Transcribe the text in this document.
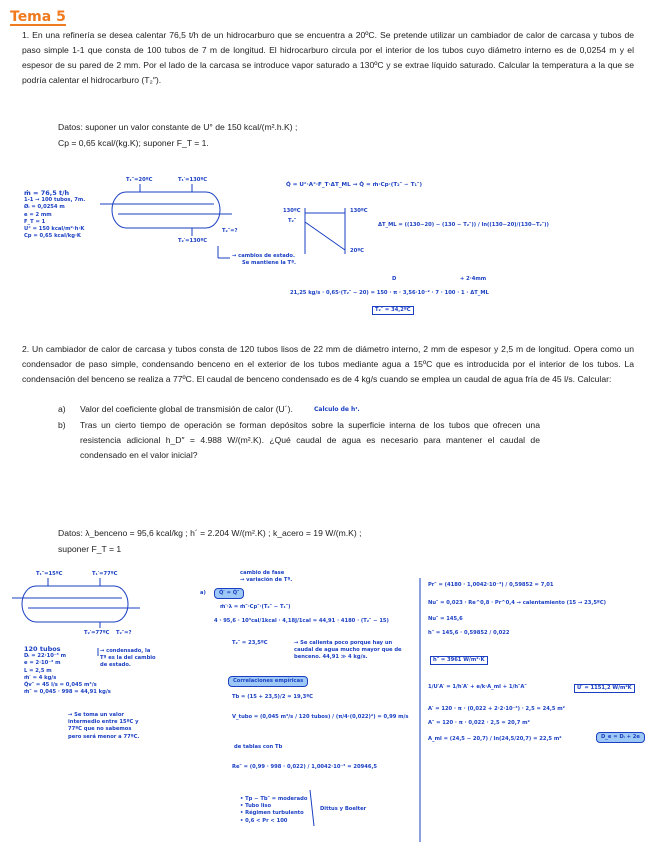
Tema 5
1. En una refinería se desea calentar 76,5 t/h de un hidrocarburo que se encuentra a 20ºC. Se pretende utilizar un cambiador de calor de carcasa y tubos de paso simple 1-1 que consta de 100 tubos de 7 m de longitud. El hidrocarburo circula por el interior de los tubos cuyo diámetro interno es de 0,0254 m y el espesor de su pared de 2 mm. Por el lado de la carcasa se introduce vapor saturado a 130ºC y se extrae líquido saturado. Calcular la temperatura a la que se podría calentar el hidrocarburo (T₂″).
Datos: suponer un valor constante de U° de 150 kcal/(m².h.K) ;
Cp = 0,65 kcal/(kg.K); suponer F_T = 1.
ṁ = 76,5 t/h
1-1 → 100 tubos, 7m.
Øᵢ = 0,0254 m
e = 2 mm
F_T = 1
U° = 150 kcal/m²·h·K
Cp = 0,65 kcal/kg·K
T₁″=20ºC	T₁′=130ºC
T₂″=?
T₂′=130ºC
→ cambios de estado.
Se mantiene la Tª.
Q̇ = U°·A°·F_T·ΔT_ML → Q̇ = ṁ·Cp·(T₂″ − T₁″)
130ºC
T₂″
130ºC
20ºC
ΔT_ML = ((130−20) − (130 − T₂″)) / ln((130−20)/(130−T₂″))
D	+ 2·4mm
21,25 kg/s · 0,65·(T₂″ − 20) = 150 · π · 3,56·10⁻² · 7 · 100 · 1 · ΔT_ML
T₂″ = 34,2ºC
2. Un cambiador de calor de carcasa y tubos consta de 120 tubos lisos de 22 mm de diámetro interno, 2 mm de espesor y 2,5 m de longitud. Opera como un condensador de paso simple, condensando benceno en el exterior de los tubos mediante agua a 15ºC que es introducida por el interior de los tubos. La condensación del benceno se realiza a 77ºC. El caudal de benceno condensado es de 4 kg/s cuando se emplea un caudal de agua fría de 45 l/s. Calcular:
a) Valor del coeficiente global de transmisión de calor (U´).	Calculo de hᶦ.
b) Tras un cierto tiempo de operación se forman depósitos sobre la superficie interna de los tubos que ofrecen una resistencia adicional h_D″ = 4.988 W/(m².K). ¿Qué caudal de agua es necesario para mantener el caudal de condensado en el valor inicial?
Datos: λ_benceno = 95,6 kcal/kg ; h´ = 2.204 W/(m².K) ; k_acero = 19 W/(m.K) ;
suponer F_T = 1
T₁″=15ºC	T₁′=77ºC
T₂′=77ºC T₂″=?
→ condensado, la
Tª es la del cambio
de estado.
120 tubos
Dᵢ = 22·10⁻³ m
e = 2·10⁻³ m
L = 2,5 m
ṁ′ = 4 kg/s
Q̇v″ = 45 l/s = 0,045 m³/s
ṁ″ = 0,045 · 998 = 44,91 kg/s
→ Se toma un valor intermedio entre 15ºC y 77ºC que no sabemos pero será menor a 77ºC.
cambio de fase
→ variación de Tª.
a)	Q̇′ = Q̇″
ṁ′·λ = ṁ″·Cp″·(T₂″ − T₁″)
4 · 95,6 · 10³cal/1kcal · 4,18J/1cal = 44,91 · 4180 · (T₂″ − 15)
T₂″ = 23,5ºC	→ Se calienta poco porque hay un caudal de agua mucho mayor que de benceno. 44,91 ≫ 4 kg/s.
Correlaciones empíricas
Tb = (15 + 23,5)/2 = 19,3ºC
V_tubo = (0,045 m³/s / 120 tubos) / (π/4·(0,022)²) = 0,99 m/s
de tablas con Tb
Re″ = (0,99 · 998 · 0,022) / 1,0042·10⁻³ = 20946,5
• Tp − Tb″ = moderado
• Tubo liso
• Régimen turbulento
• 0,6 < Pr < 100
Dittus y Boelter
Pr″ = (4180 · 1,0042·10⁻³) / 0,59852 = 7,01
Nu″ = 0,023 · Re^0,8 · Pr^0,4 → calentamiento (15 → 23,5ºC)
Nu″ = 145,6
h″ = 145,6 · 0,59852 / 0,022
h″ = 3961 W/m²·K
1/U′A′ = 1/h′A′ + e/k·A_ml + 1/h″A″	U′ = 1151,2 W/m²K
A′ = 120 · π · (0,022 + 2·2·10⁻³) · 2,5 = 24,5 m²
A″ = 120 · π · 0,022 · 2,5 = 20,7 m²
A_ml = (24,5 − 20,7) / ln(24,5/20,7) = 22,5 m²	D_e = Dᵢ + 2e
